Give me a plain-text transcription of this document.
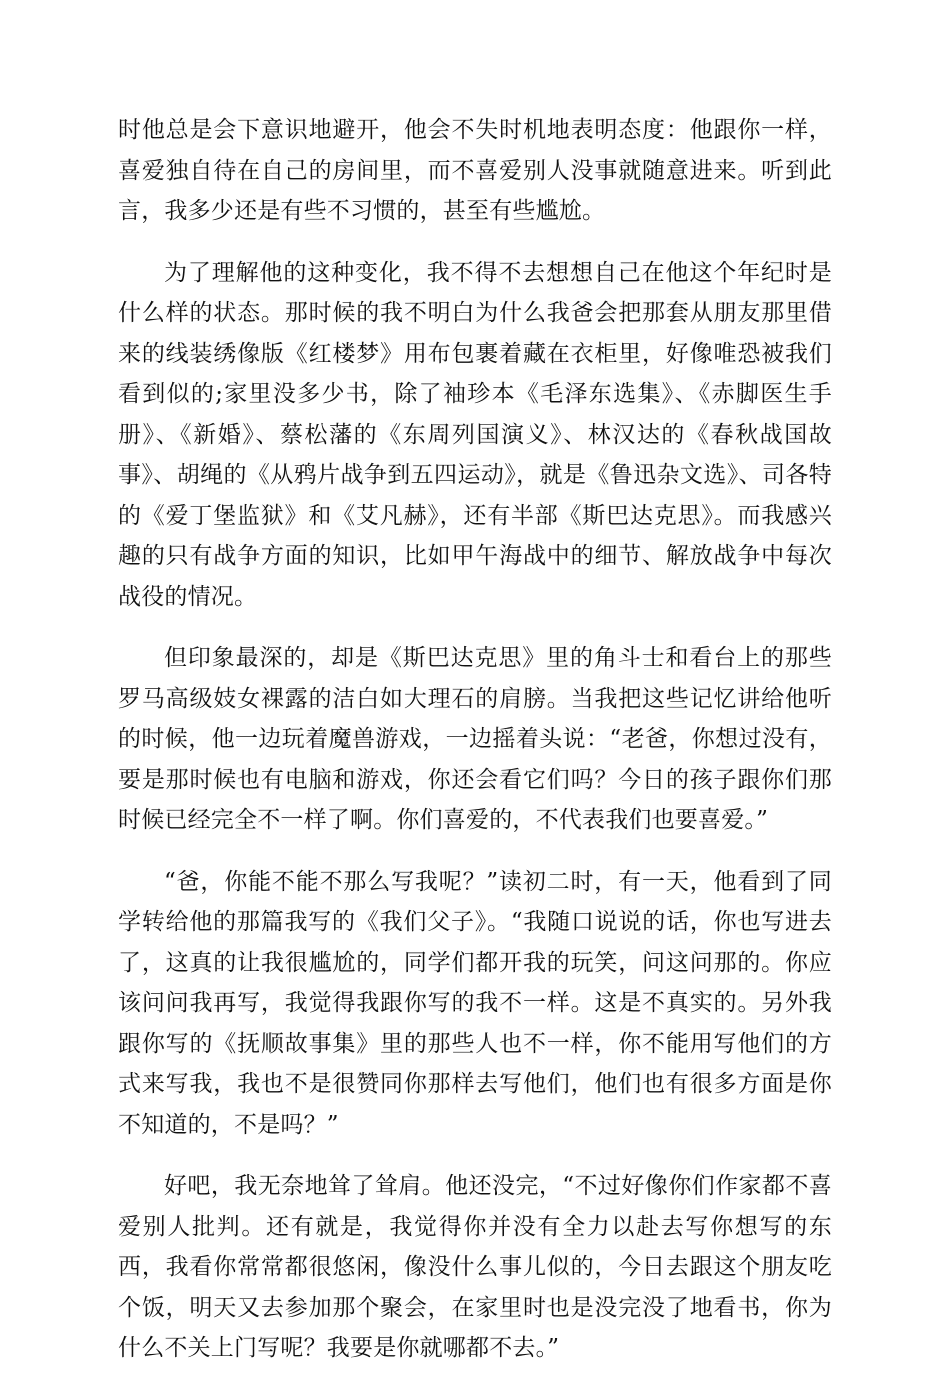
时他总是会下意识地避开，他会不失时机地表明态度：他跟你一样，喜爱独自待在自己的房间里，而不喜爱别人没事就随意进来。听到此言，我多少还是有些不习惯的，甚至有些尴尬。

为了理解他的这种变化，我不得不去想想自己在他这个年纪时是什么样的状态。那时候的我不明白为什么我爸会把那套从朋友那里借来的线装绣像版《红楼梦》用布包裹着藏在衣柜里，好像唯恐被我们看到似的;家里没多少书，除了袖珍本《毛泽东选集》、《赤脚医生手册》、《新婚》、蔡松藩的《东周列国演义》、林汉达的《春秋战国故事》、胡绳的《从鸦片战争到五四运动》，就是《鲁迅杂文选》、司各特的《爱丁堡监狱》和《艾凡赫》，还有半部《斯巴达克思》。而我感兴趣的只有战争方面的知识，比如甲午海战中的细节、解放战争中每次战役的情况。

但印象最深的，却是《斯巴达克思》里的角斗士和看台上的那些罗马高级妓女裸露的洁白如大理石的肩膀。当我把这些记忆讲给他听的时候，他一边玩着魔兽游戏，一边摇着头说：“老爸，你想过没有，要是那时候也有电脑和游戏，你还会看它们吗？今日的孩子跟你们那时候已经完全不一样了啊。你们喜爱的，不代表我们也要喜爱。”

“爸，你能不能不那么写我呢？”读初二时，有一天，他看到了同学转给他的那篇我写的《我们父子》。“我随口说说的话，你也写进去了，这真的让我很尴尬的，同学们都开我的玩笑，问这问那的。你应该问问我再写，我觉得我跟你写的我不一样。这是不真实的。另外我跟你写的《抚顺故事集》里的那些人也不一样，你不能用写他们的方式来写我，我也不是很赞同你那样去写他们，他们也有很多方面是你不知道的，不是吗？”

好吧，我无奈地耸了耸肩。他还没完，“不过好像你们作家都不喜爱别人批判。还有就是，我觉得你并没有全力以赴去写你想写的东西，我看你常常都很悠闲，像没什么事儿似的，今日去跟这个朋友吃个饭，明天又去参加那个聚会，在家里时也是没完没了地看书，你为什么不关上门写呢？我要是你就哪都不去。”
